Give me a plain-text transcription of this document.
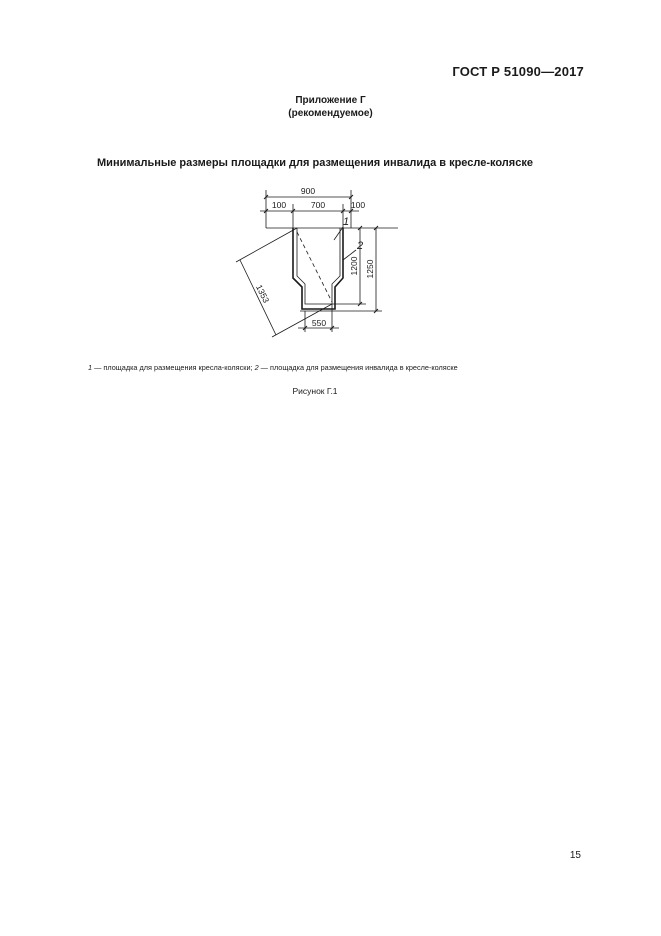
ГОСТ Р 51090—2017
Приложение Г
(рекомендуемое)
Минимальные размеры площадки для размещения инвалида в кресле-коляске
900
100	700	100
550
1200 1250
1353
1
2
1 — площадка для размещения кресла-коляски; 2 — площадка для размещения инвалида в кресле-коляске
Рисунок Г.1
15
